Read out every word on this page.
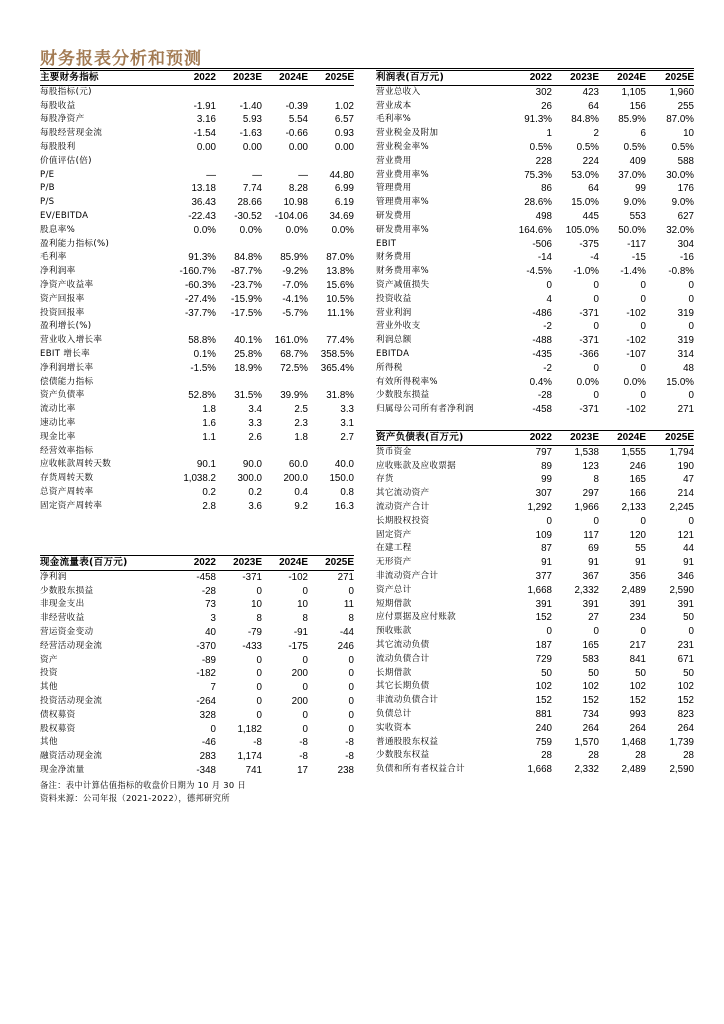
财务报表分析和预测
主要财务指标	2022	2023E	2024E	2025E
每股指标(元)				
每股收益	-1.91	-1.40	-0.39	1.02
每股净资产	3.16	5.93	5.54	6.57
每股经营现金流	-1.54	-1.63	-0.66	0.93
每股股利	0.00	0.00	0.00	0.00
价值评估(倍)				
P/E	—	—	—	44.80
P/B	13.18	7.74	8.28	6.99
P/S	36.43	28.66	10.98	6.19
EV/EBITDA	-22.43	-30.52	-104.06	34.69
股息率%	0.0%	0.0%	0.0%	0.0%
盈利能力指标(%)				
毛利率	91.3%	84.8%	85.9%	87.0%
净利润率	-160.7%	-87.7%	-9.2%	13.8%
净资产收益率	-60.3%	-23.7%	-7.0%	15.6%
资产回报率	-27.4%	-15.9%	-4.1%	10.5%
投资回报率	-37.7%	-17.5%	-5.7%	11.1%
盈利增长(%)				
营业收入增长率	58.8%	40.1%	161.0%	77.4%
EBIT 增长率	0.1%	25.8%	68.7%	358.5%
净利润增长率	-1.5%	18.9%	72.5%	365.4%
偿债能力指标				
资产负债率	52.8%	31.5%	39.9%	31.8%
流动比率	1.8	3.4	2.5	3.3
速动比率	1.6	3.3	2.3	3.1
现金比率	1.1	2.6	1.8	2.7
经营效率指标				
应收帐款周转天数	90.1	90.0	60.0	40.0
存货周转天数	1,038.2	300.0	200.0	150.0
总资产周转率	0.2	0.2	0.4	0.8
固定资产周转率	2.8	3.6	9.2	16.3
利润表(百万元)	2022	2023E	2024E	2025E
营业总收入	302	423	1,105	1,960
营业成本	26	64	156	255
毛利率%	91.3%	84.8%	85.9%	87.0%
营业税金及附加	1	2	6	10
营业税金率%	0.5%	0.5%	0.5%	0.5%
营业费用	228	224	409	588
营业费用率%	75.3%	53.0%	37.0%	30.0%
管理费用	86	64	99	176
管理费用率%	28.6%	15.0%	9.0%	9.0%
研发费用	498	445	553	627
研发费用率%	164.6%	105.0%	50.0%	32.0%
EBIT	-506	-375	-117	304
财务费用	-14	-4	-15	-16
财务费用率%	-4.5%	-1.0%	-1.4%	-0.8%
资产减值损失	0	0	0	0
投资收益	4	0	0	0
营业利润	-486	-371	-102	319
营业外收支	-2	0	0	0
利润总额	-488	-371	-102	319
EBITDA	-435	-366	-107	314
所得税	-2	0	0	48
有效所得税率%	0.4%	0.0%	0.0%	15.0%
少数股东损益	-28	0	0	0
归属母公司所有者净利润	-458	-371	-102	271
资产负债表(百万元)	2022	2023E	2024E	2025E
货币资金	797	1,538	1,555	1,794
应收账款及应收票据	89	123	246	190
存货	99	8	165	47
其它流动资产	307	297	166	214
流动资产合计	1,292	1,966	2,133	2,245
长期股权投资	0	0	0	0
固定资产	109	117	120	121
在建工程	87	69	55	44
无形资产	91	91	91	91
非流动资产合计	377	367	356	346
资产总计	1,668	2,332	2,489	2,590
短期借款	391	391	391	391
应付票据及应付账款	152	27	234	50
预收账款	0	0	0	0
其它流动负债	187	165	217	231
流动负债合计	729	583	841	671
长期借款	50	50	50	50
其它长期负债	102	102	102	102
非流动负债合计	152	152	152	152
负债总计	881	734	993	823
实收资本	240	264	264	264
普通股股东权益	759	1,570	1,468	1,739
少数股东权益	28	28	28	28
负债和所有者权益合计	1,668	2,332	2,489	2,590
现金流量表(百万元)	2022	2023E	2024E	2025E
净利润	-458	-371	-102	271
少数股东损益	-28	0	0	0
非现金支出	73	10	10	11
非经营收益	3	8	8	8
营运资金变动	40	-79	-91	-44
经营活动现金流	-370	-433	-175	246
资产	-89	0	0	0
投资	-182	0	200	0
其他	7	0	0	0
投资活动现金流	-264	0	200	0
债权募资	328	0	0	0
股权募资	0	1,182	0	0
其他	-46	-8	-8	-8
融资活动现金流	283	1,174	-8	-8
现金净流量	-348	741	17	238
备注：表中计算估值指标的收盘价日期为 10 月 30 日
资料来源：公司年报（2021-2022），德邦研究所
